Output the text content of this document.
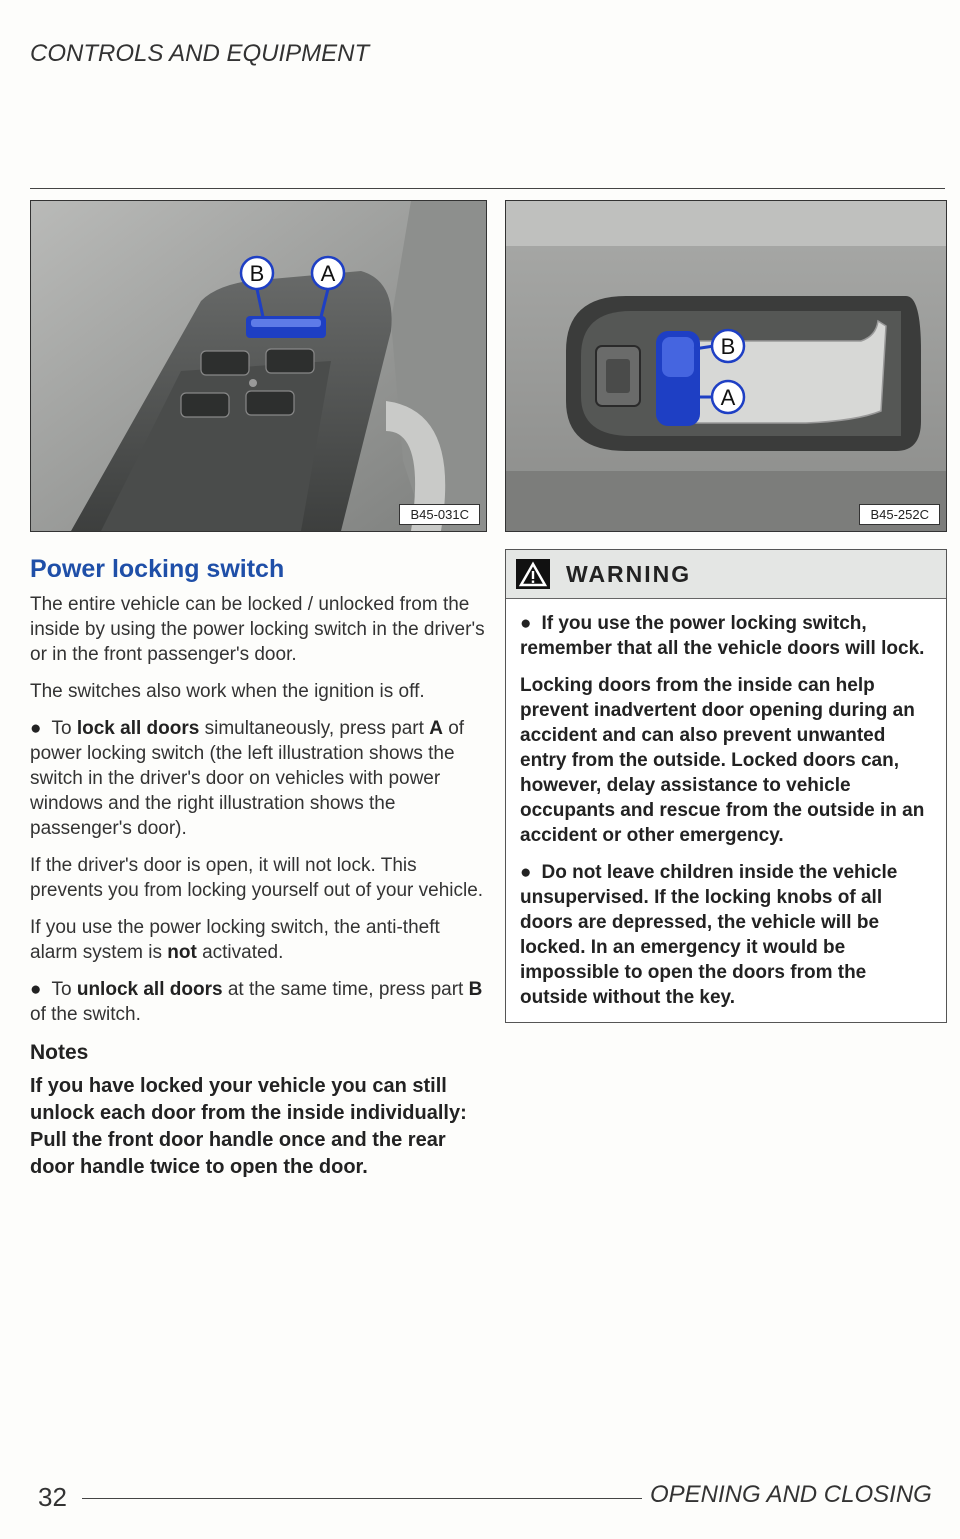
CONTROLS AND EQUIPMENT
B	A
B45-031C
B
A
B45-252C
Power locking switch

The entire vehicle can be locked / unlocked from the inside by using the power locking switch in the driver's or in the front passenger's door.

The switches also work when the ignition is off.

● To lock all doors simultaneously, press part A of power locking switch (the left illustration shows the switch in the driver's door on vehicles with power windows and the right illustration shows the passenger's door).

If the driver's door is open, it will not lock. This prevents you from locking yourself out of your vehicle.

If you use the power locking switch, the anti-theft alarm system is not activated.

● To unlock all doors at the same time, press part B of the switch.

Notes

If you have locked your vehicle you can still unlock each door from the inside individually: Pull the front door handle once and the rear door handle twice to open the door.

WARNING

● If you use the power locking switch, remember that all the vehicle doors will lock.

Locking doors from the inside can help prevent inadvertent door opening during an accident and can also prevent unwanted entry from the outside. Locked doors can, however, delay assistance to vehicle occupants and rescue from the outside in an accident or other emergency.

● Do not leave children inside the vehicle unsupervised. If the locking knobs of all doors are depressed, the vehicle will be locked. In an emergency it would be impossible to open the doors from the outside without the key.

32	OPENING AND CLOSING
